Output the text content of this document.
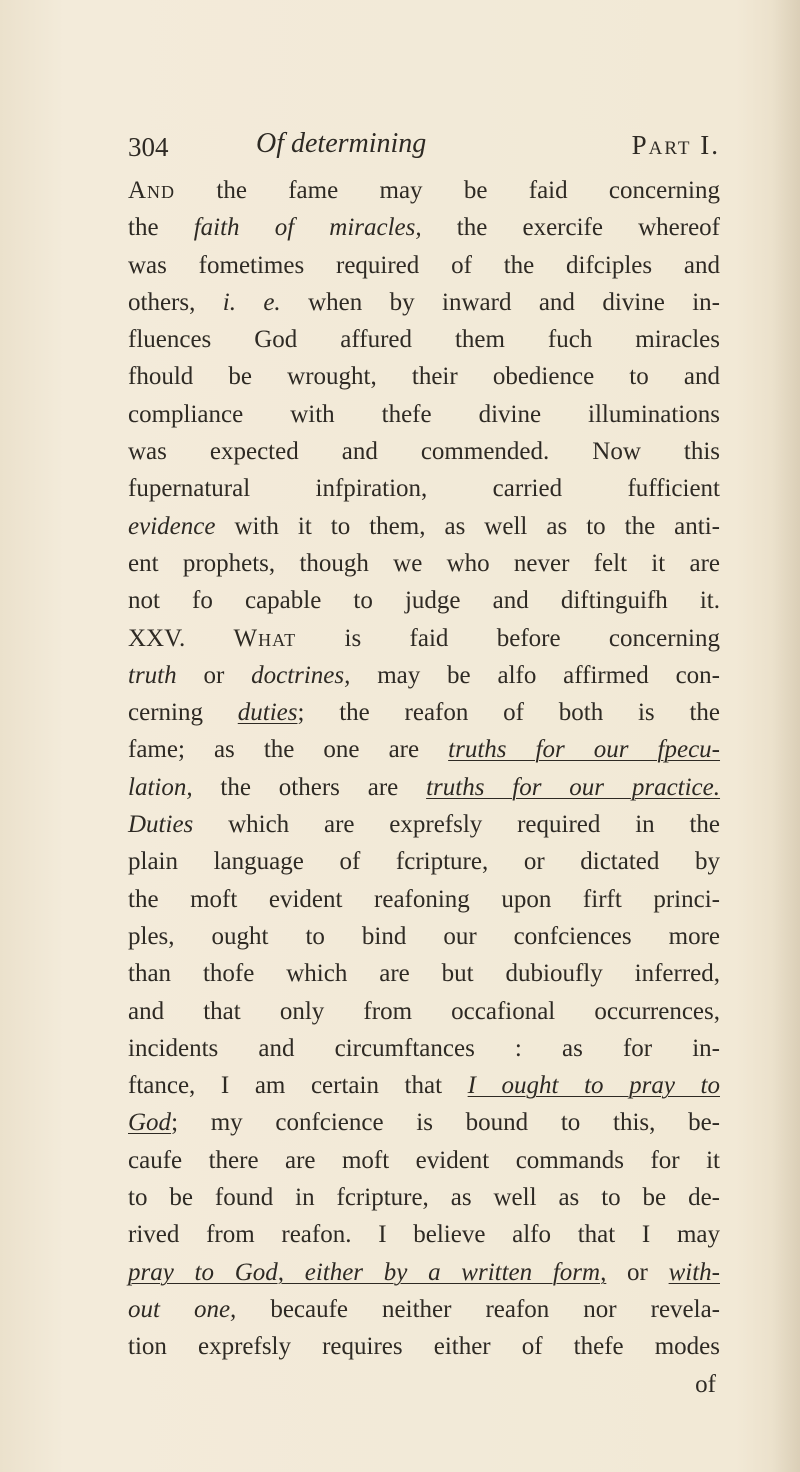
304	Of determining	Part I.
And the fame may be faid concerning
the faith of miracles, the exercife whereof
was fometimes required of the difciples and
others, i. e. when by inward and divine in-
fluences God affured them fuch miracles
fhould be wrought, their obedience to and
compliance with thefe divine illuminations
was expected and commended. Now this
fupernatural infpiration, carried fufficient
evidence with it to them, as well as to the anti-
ent prophets, though we who never felt it are
not fo capable to judge and diftinguifh it.
XXV. What is faid before concerning
truth or doctrines, may be alfo affirmed con-
cerning duties; the reafon of both is the
fame; as the one are truths for our fpecu-
lation, the others are truths for our practice.
Duties which are exprefsly required in the
plain language of fcripture, or dictated by
the moft evident reafoning upon firft princi-
ples, ought to bind our confciences more
than thofe which are but dubioufly inferred,
and that only from occafional occurrences,
incidents and circumftances : as for in-
ftance, I am certain that I ought to pray to
God; my confcience is bound to this, be-
caufe there are moft evident commands for it
to be found in fcripture, as well as to be de-
rived from reafon. I believe alfo that I may
pray to God, either by a written form, or with-
out one, becaufe neither reafon nor revela-
tion exprefsly requires either of thefe modes
of
